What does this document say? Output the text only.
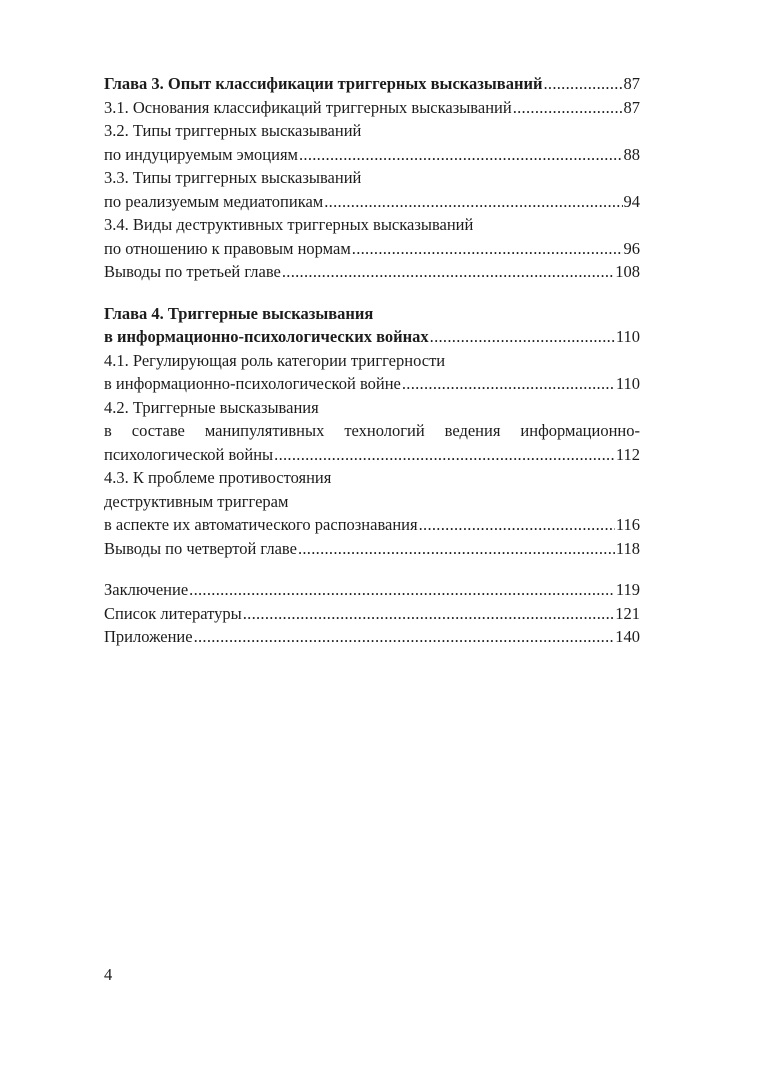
Глава 3. Опыт классификации триггерных высказываний .....	87
3.1. Основания классификаций триггерных высказываний .....	87
3.2. Типы триггерных высказываний
по индуцируемым эмоциям .....	88
3.3. Типы триггерных высказываний
по реализуемым медиатопикам .....	94
3.4. Виды деструктивных триггерных высказываний
по отношению к правовым нормам .....	96
Выводы по третьей главе .....	108
Глава 4. Триггерные высказывания
в информационно-психологических войнах .....	110
4.1. Регулирующая роль категории триггерности
в информационно-психологической войне .....	110
4.2. Триггерные высказывания
в составе манипулятивных технологий ведения информационно-
психологической войны .....	112
4.3. К проблеме противостояния
деструктивным триггерам
в аспекте их автоматического распознавания .....	116
Выводы по четвертой главе .....	118
Заключение .....	119
Список литературы .....	121
Приложение .....	140
4
